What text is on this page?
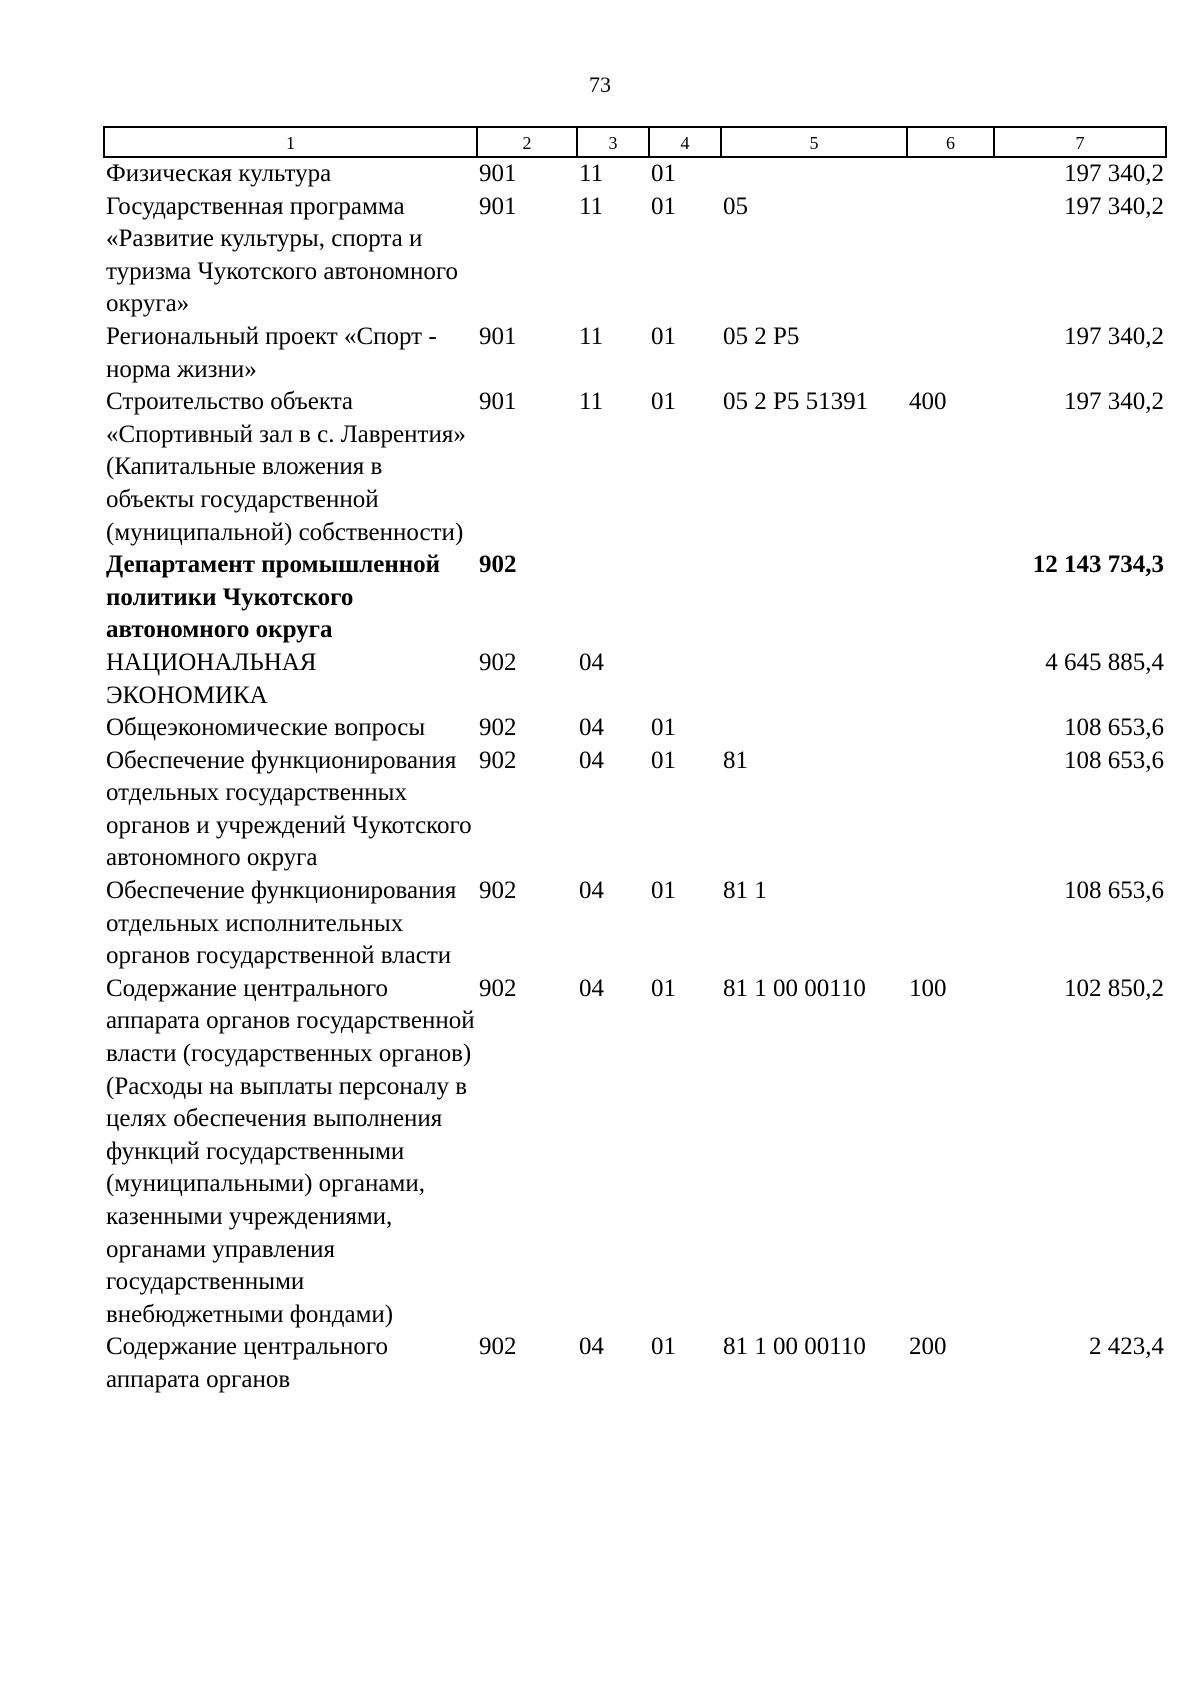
73
1	2	3	4	5	6	7
Физическая культура	901	11	01			197 340,2
Государственная программа «Развитие культуры, спорта и туризма Чукотского автономного округа»	901	11	01	05		197 340,2
Региональный проект «Спорт - норма жизни»	901	11	01	05 2 P5		197 340,2
Строительство объекта «Спортивный зал в с. Лаврентия» (Капитальные вложения в объекты государственной (муниципальной) собственности)	901	11	01	05 2 P5 51391	400	197 340,2
Департамент промышленной политики Чукотского автономного округа	902					12 143 734,3
НАЦИОНАЛЬНАЯ ЭКОНОМИКА	902	04				4 645 885,4
Общеэкономические вопросы	902	04	01			108 653,6
Обеспечение функционирования отдельных государственных органов и учреждений Чукотского автономного округа	902	04	01	81		108 653,6
Обеспечение функционирования отдельных исполнительных органов государственной власти	902	04	01	81 1		108 653,6
Содержание центрального аппарата органов государственной власти (государственных органов) (Расходы на выплаты персоналу в целях обеспечения выполнения функций государственными (муниципальными) органами, казенными учреждениями, органами управления государственными внебюджетными фондами)	902	04	01	81 1 00 00110	100	102 850,2
Содержание центрального аппарата органов	902	04	01	81 1 00 00110	200	2 423,4
